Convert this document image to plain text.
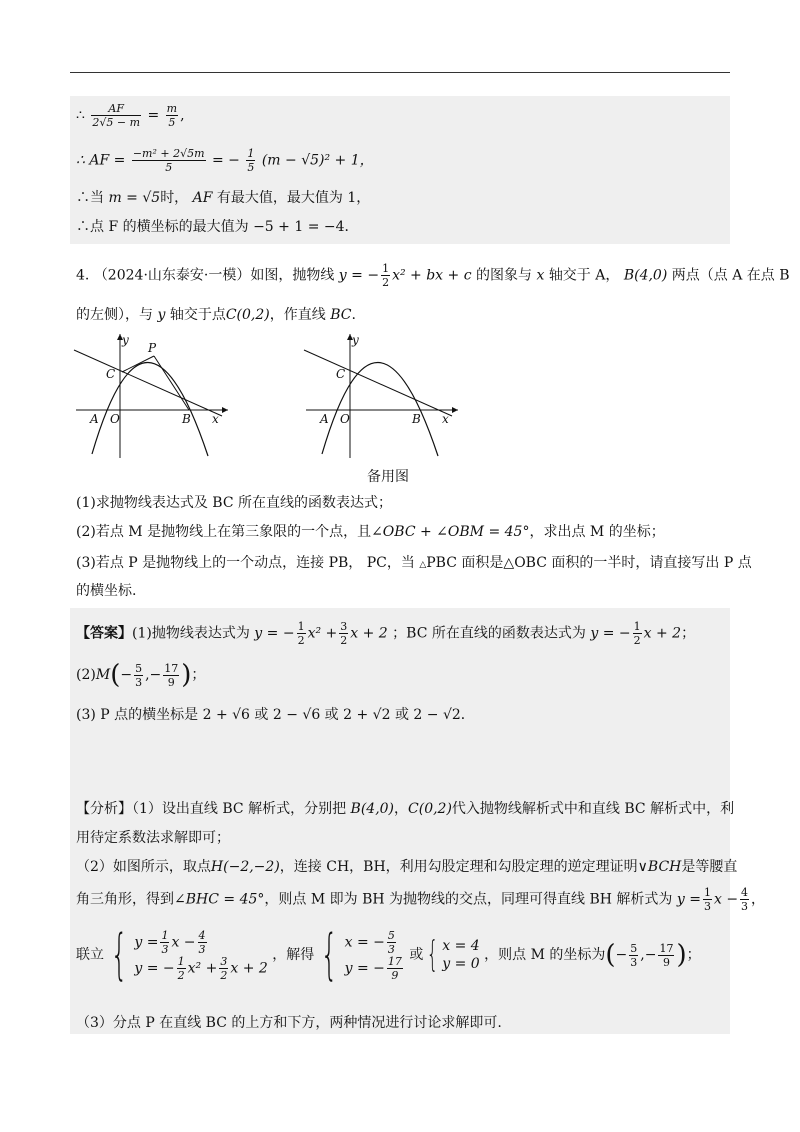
∴ $\frac{AF}{2√5 - m} = \frac{m}{5}$ ,
∴ AF = $\frac{\text{−m² + 2√5m}}{5}$ = − $\frac{1}{5} (m - √5)^2 + 1$，
∴当 m = √5时， AF 有最大值，最大值为 1，
∴点 F 的横坐标的最大值为 −5 + 1 = −4．
4. （2024·山东泰安·一模）如图，抛物线 y = − $\frac{1}{2} x^2$ + bx + c 的图象与 x 轴交于 A， B(4,0) 两点（点 A 在点 B
的左侧），与 y 轴交于点C(0,2)，作直线 BC.
y
P
C
A O	B x
y
C
A O	B x
备用图
(1)求抛物线表达式及 BC 所在直线的函数表达式；
(2)若点 M 是抛物线上在第三象限的一个点，且∠OBC + ∠OBM = 45°，求出点 M 的坐标；
(3)若点 P 是抛物线上的一个动点，连接 PB， PC，当 △PBC 面积是△OBC 面积的一半时，请直接写出 P 点
的横坐标.
【答案】(1)抛物线表达式为 y = − $\frac{1}{2} x^2 + \frac{3}{2}$ x + 2 ；BC 所在直线的函数表达式为 y = − $\frac{1}{2}$ x + 2；
$(2)M(- \frac{5}{3}$ ,− $\frac{17}{9}$ )；
(3) P 点的横坐标是 2 + √6 或 2 − √6 或 2 + √2 或 2 − √2．
【分析】（1）设出直线 BC 解析式，分别把 B(4,0)，C(0,2)代入抛物线解析式中和直线 BC 解析式中，利
用待定系数法求解即可；
（2）如图所示，取点H(−2,−2)，连接 CH，BH，利用勾股定理和勾股定理的逆定理证明∨BCH是等腰直
角三角形，得到∠BHC = 45°，则点 M 即为 BH 为抛物线的交点，同理可得直线 BH 解析式为 $y = \frac{1}{3}$ $x - \frac{4}{3}$ ，
联立 { $y = \frac{1}{3}$ $x - \frac{4}{3}$
y = − $\frac{1}{2} x^2 + \frac{3}{2}$ x + 2
，解得 { x = − $\frac{5}{3}$
y = − $\frac{17}{9}$ 或 { x = 4
y = 0
，则点 M 的坐标为(− $\frac{5}{3}$ ,− $\frac{17}{9}$ )；
（3）分点 P 在直线 BC 的上方和下方，两种情况进行讨论求解即可.
